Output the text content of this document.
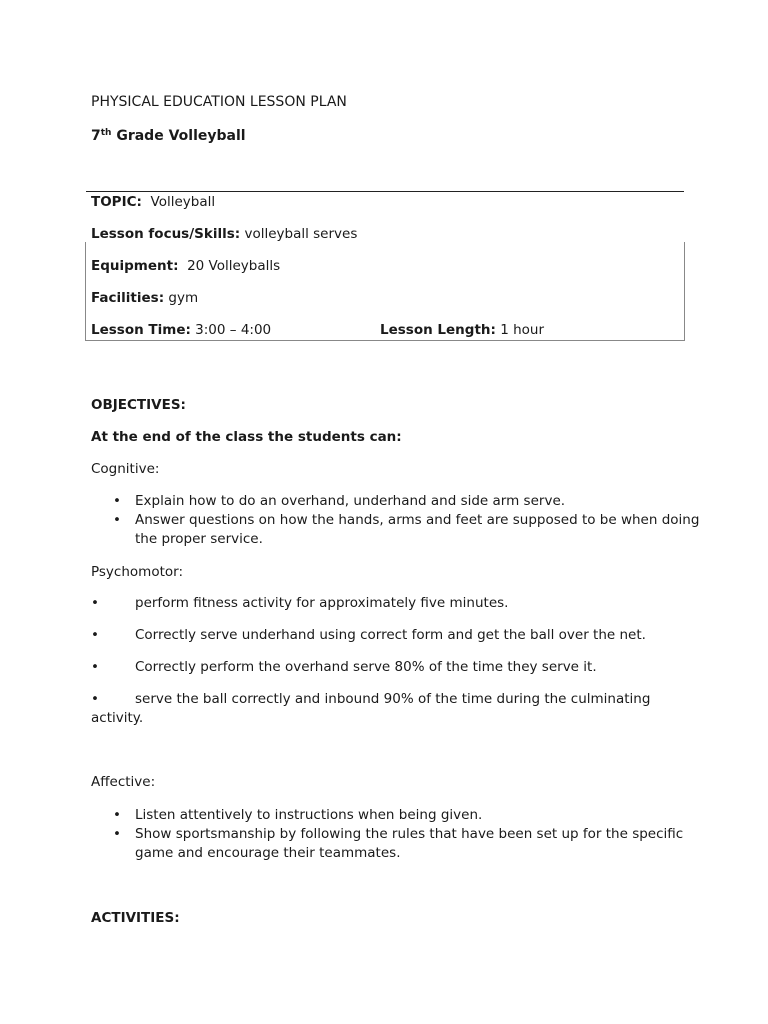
PHYSICAL EDUCATION LESSON PLAN
7th Grade Volleyball
TOPIC: Volleyball
Lesson focus/Skills: volleyball serves
Equipment: 20 Volleyballs
Facilities: gym
Lesson Time: 3:00 – 4:00	Lesson Length: 1 hour
OBJECTIVES:
At the end of the class the students can:
Cognitive:
• Explain how to do an overhand, underhand and side arm serve.
• Answer questions on how the hands, arms and feet are supposed to be when doing the proper service.
Psychomotor:
•	perform fitness activity for approximately five minutes.
•	Correctly serve underhand using correct form and get the ball over the net.
•	Correctly perform the overhand serve 80% of the time they serve it.
•	serve the ball correctly and inbound 90% of the time during the culminating activity.
Affective:
• Listen attentively to instructions when being given.
• Show sportsmanship by following the rules that have been set up for the specific game and encourage their teammates.
ACTIVITIES:
